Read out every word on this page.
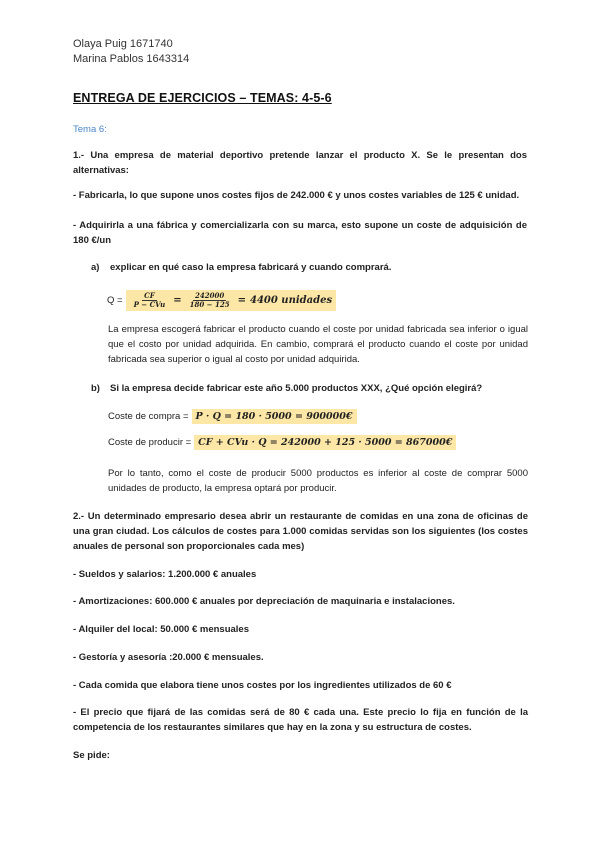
Olaya Puig 1671740
Marina Pablos 1643314
ENTREGA DE EJERCICIOS – TEMAS: 4-5-6
Tema 6:
1.- Una empresa de material deportivo pretende lanzar el producto X. Se le presentan dos alternativas:
- Fabricarla, lo que supone unos costes fijos de 242.000 € y unos costes variables de 125 € unidad.
- Adquirirla a una fábrica y comercializarla con su marca, esto supone un coste de adquisición de 180 €/un
a) explicar en qué caso la empresa fabricará y cuando comprará.
$Q = \frac{CF}{\text{P − CVu}} = \frac{242000}{180 - 125} = 4400$ unidades
La empresa escogerá fabricar el producto cuando el coste por unidad fabricada sea inferior o igual que el costo por unidad adquirida. En cambio, comprará el producto cuando el coste por unidad fabricada sea superior o igual al costo por unidad adquirida.
b) Si la empresa decide fabricar este año 5.000 productos XXX, ¿Qué opción elegirá?
Coste de compra = P · Q = 180 · 5000 = 900000€
Coste de producir = CF + CVu · Q = 242000 + 125 · 5000 = 867000€
Por lo tanto, como el coste de producir 5000 productos es inferior al coste de comprar 5000 unidades de producto, la empresa optará por producir.
2.- Un determinado empresario desea abrir un restaurante de comidas en una zona de oficinas de una gran ciudad. Los cálculos de costes para 1.000 comidas servidas son los siguientes (los costes anuales de personal son proporcionales cada mes)
- Sueldos y salarios: 1.200.000 € anuales
- Amortizaciones: 600.000 € anuales por depreciación de maquinaria e instalaciones.
- Alquiler del local: 50.000 € mensuales
- Gestoría y asesoría :20.000 € mensuales.
- Cada comida que elabora tiene unos costes por los ingredientes utilizados de 60 €
- El precio que fijará de las comidas será de 80 € cada una. Este precio lo fija en función de la competencia de los restaurantes similares que hay en la zona y su estructura de costes.
Se pide:
